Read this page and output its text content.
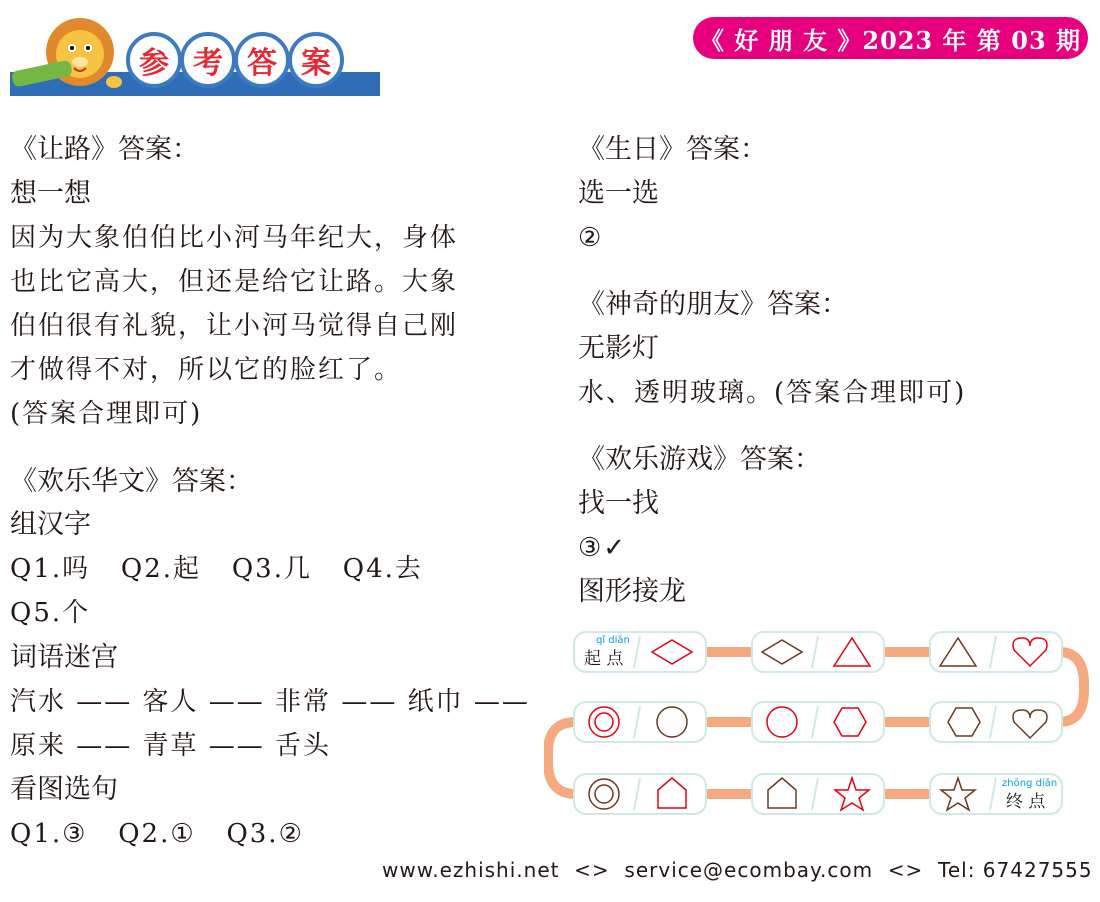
参 考 答 案
《 好 朋 友 》2023 年 第 03 期
《让路》答案：
想一想
因为大象伯伯比小河马年纪大，身体
也比它高大，但还是给它让路。大象
伯伯很有礼貌，让小河马觉得自己刚
才做得不对，所以它的脸红了。
(答案合理即可)
《欢乐华文》答案：
组汉字
Q1.吗   Q2.起   Q3.几   Q4.去
Q5.个
词语迷宫
汽水 —— 客人 —— 非常 —— 纸巾 ——
原来 —— 青草 —— 舌头
看图选句
Q1.③   Q2.①   Q3.②
《生日》答案：
选一选
②
《神奇的朋友》答案：
无影灯
水、透明玻璃。(答案合理即可)
《欢乐游戏》答案：
找一找
③✓
图形接龙
qǐ diǎn
起 点
zhōng diǎn
终 点
www.ezhishi.net  <>  service@ecombay.com  <>  Tel: 67427555
